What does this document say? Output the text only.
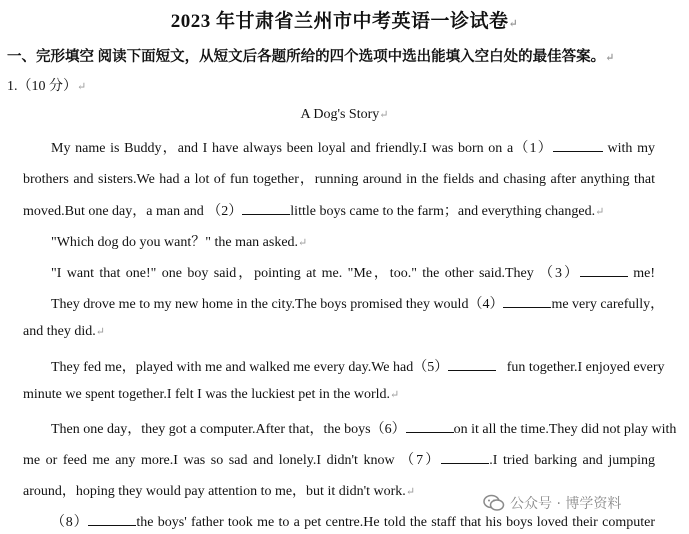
2023 年甘肃省兰州市中考英语一诊试卷↵
一、完形填空 阅读下面短文，从短文后各题所给的四个选项中选出能填入空白处的最佳答案。↵
1.（10 分）↵
A Dog's Story↵
My name is Buddy，and I have always been loyal and friendly.I was born on a（1）	with my
brothers and sisters.We had a lot of fun together，running around in the fields and chasing after anything that
moved.But one day，a man and （2）	little boys came to the farm；and everything changed.↵
"Which dog do you want？" the man asked.↵
"I want that one!" one boy said，pointing at me. "Me，too." the other said.They （3）	me!
They drove me to my new home in the city.The boys promised they would（4）	me very carefully，
and they did.↵
They fed me，played with me and walked me every day.We had（5）	fun together.I enjoyed every
minute we spent together.I felt I was the luckiest pet in the world.↵
Then one day，they got a computer.After that，the boys（6）	on it all the time.They did not play with
me or feed me any more.I was so sad and lonely.I didn't know （7）	.I tried barking and jumping
around，hoping they would pay attention to me，but it didn't work.↵
（8）	the boys' father took me to a pet centre.He told the staff that his boys loved their computer
公众号 · 博学资料
